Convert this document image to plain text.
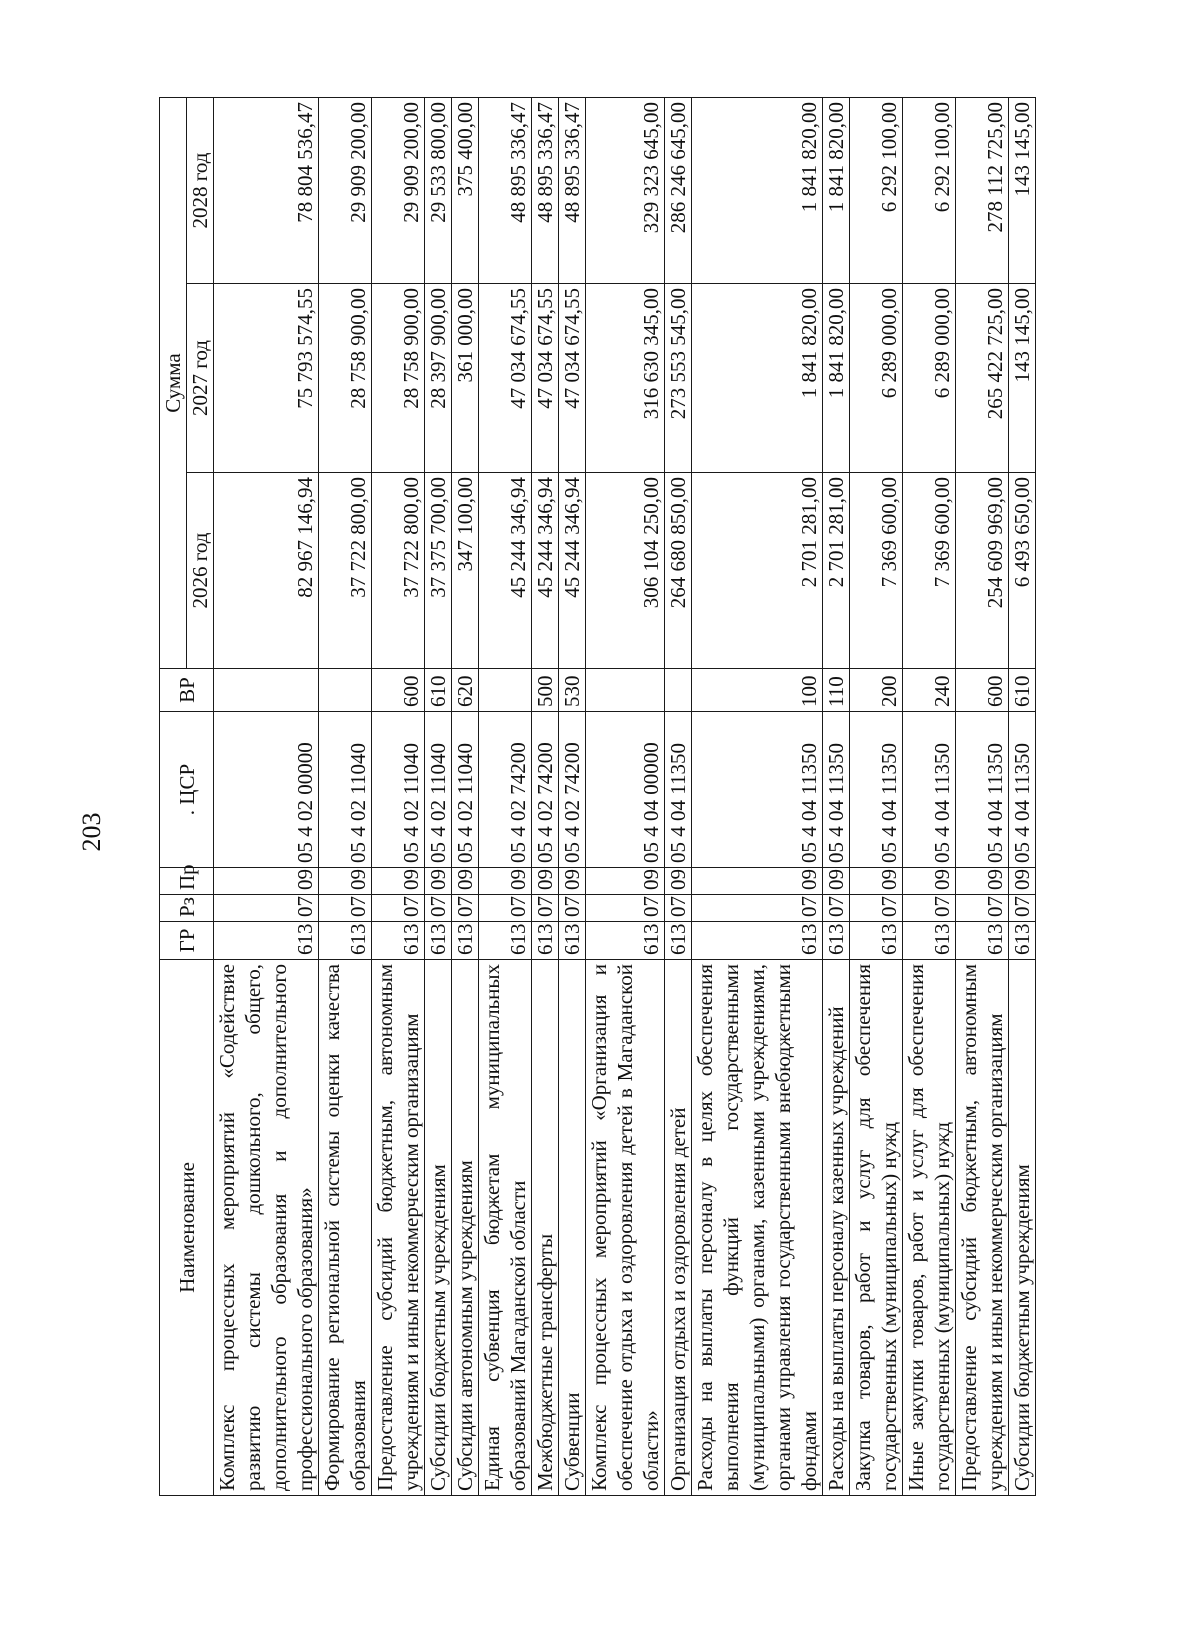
203
Наименование	ГР	Рз	Пр	. ЦСР	ВР	Сумма		
						2026 год	2027 год	2028 год
Комплекс процессных мероприятий «Содействие развитию системы дошкольного, общего, дополнительного образования и дополнительного профессионального образования»	613	07	09	05 4 02 00000		82 967 146,94	75 793 574,55	78 804 536,47
Формирование региональной системы оценки качества образования	613	07	09	05 4 02 11040		37 722 800,00	28 758 900,00	29 909 200,00
Предоставление субсидий бюджетным, автономным учреждениям и иным некоммерческим организациям	613	07	09	05 4 02 11040	600	37 722 800,00	28 758 900,00	29 909 200,00
Субсидии бюджетным учреждениям	613	07	09	05 4 02 11040	610	37 375 700,00	28 397 900,00	29 533 800,00
Субсидии автономным учреждениям	613	07	09	05 4 02 11040	620	347 100,00	361 000,00	375 400,00
Единая субвенция бюджетам муниципальных образований Магаданской области	613	07	09	05 4 02 74200		45 244 346,94	47 034 674,55	48 895 336,47
Межбюджетные трансферты	613	07	09	05 4 02 74200	500	45 244 346,94	47 034 674,55	48 895 336,47
Субвенции	613	07	09	05 4 02 74200	530	45 244 346,94	47 034 674,55	48 895 336,47
Комплекс процессных мероприятий «Организация и обеспечение отдыха и оздоровления детей в Магаданской области»	613	07	09	05 4 04 00000		306 104 250,00	316 630 345,00	329 323 645,00
Организация отдыха и оздоровления детей	613	07	09	05 4 04 11350		264 680 850,00	273 553 545,00	286 246 645,00
Расходы на выплаты персоналу в целях обеспечения выполнения функций государственными (муниципальными) органами, казенными учреждениями, органами управления государственными внебюджетными фондами	613	07	09	05 4 04 11350	100	2 701 281,00	1 841 820,00	1 841 820,00
Расходы на выплаты персоналу казенных учреждений	613	07	09	05 4 04 11350	110	2 701 281,00	1 841 820,00	1 841 820,00
Закупка товаров, работ и услуг для обеспечения государственных (муниципальных) нужд	613	07	09	05 4 04 11350	200	7 369 600,00	6 289 000,00	6 292 100,00
Иные закупки товаров, работ и услуг для обеспечения государственных (муниципальных) нужд	613	07	09	05 4 04 11350	240	7 369 600,00	6 289 000,00	6 292 100,00
Предоставление субсидий бюджетным, автономным учреждениям и иным некоммерческим организациям	613	07	09	05 4 04 11350	600	254 609 969,00	265 422 725,00	278 112 725,00
Субсидии бюджетным учреждениям	613	07	09	05 4 04 11350	610	6 493 650,00	143 145,00	143 145,00
